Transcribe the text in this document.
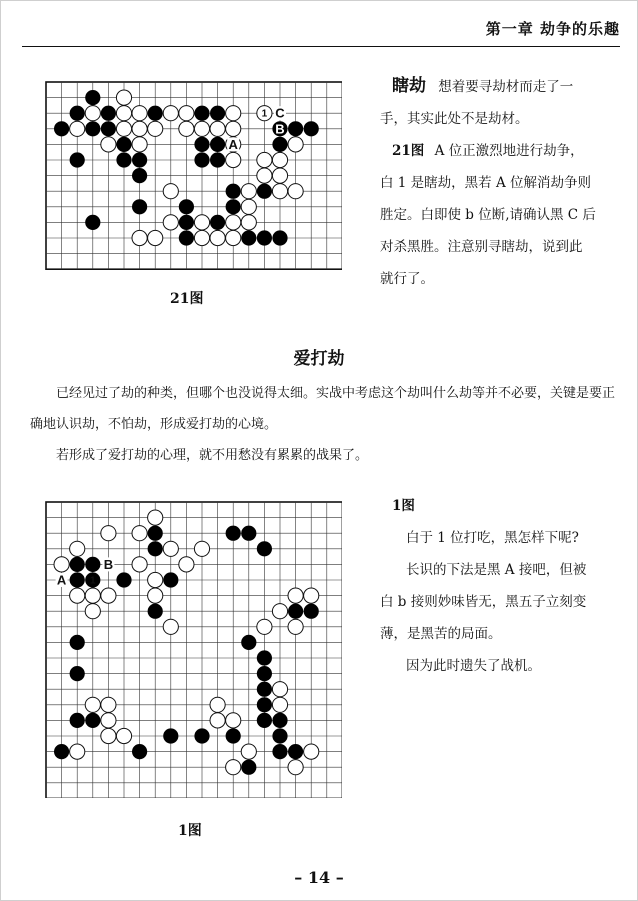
第一章 劫争的乐趣
1 C
B
A
21图
瞎劫 想着要寻劫材而走了一
手，其实此处不是劫材。
21图 A 位正激烈地进行劫争，
白 1 是瞎劫，黑若 A 位解消劫争则
胜定。白即使 b 位断,请确认黑 C 后
对杀黑胜。注意别寻瞎劫，说到此
就行了。
爱打劫

已经见过了劫的种类，但哪个也没说得太细。实战中考虑这个劫叫什么劫等并不必要，关键是要正确地认识劫，不怕劫，形成爱打劫的心境。

若形成了爱打劫的心理，就不用愁没有累累的战果了。

1
A
B
1图
1图
白于 1 位打吃，黑怎样下呢?
长识的下法是黑 A 接吧，但被
白 b 接则妙味皆无，黑五子立刻变
薄，是黑苦的局面。
因为此时遗失了战机。
– 14 –
